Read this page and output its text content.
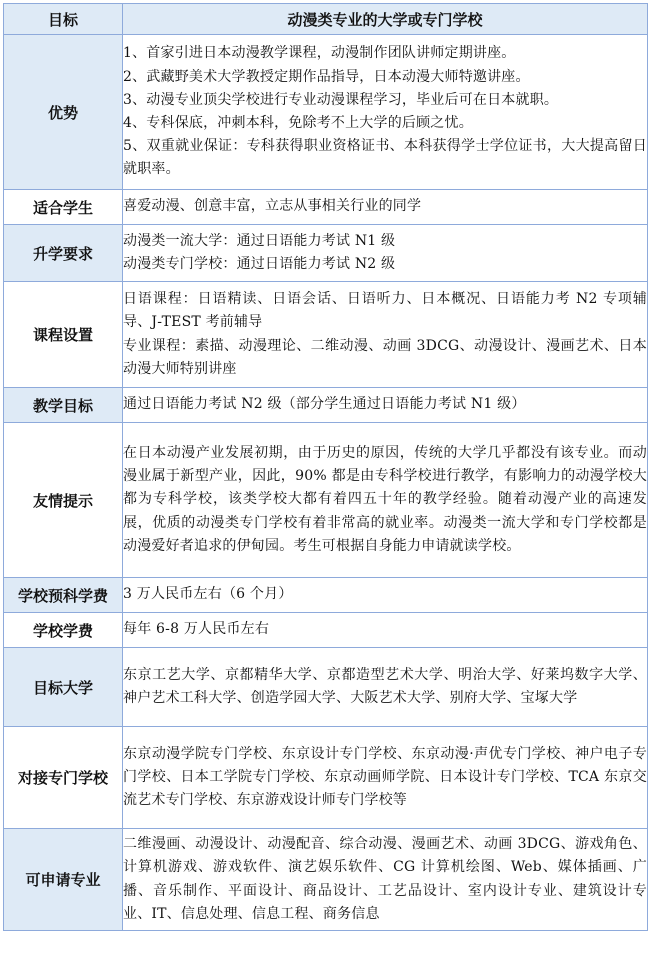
目标	动漫类专业的大学或专门学校
优势	1、首家引进日本动漫教学课程，动漫制作团队讲师定期讲座。
2、武藏野美术大学教授定期作品指导，日本动漫大师特邀讲座。
3、动漫专业顶尖学校进行专业动漫课程学习，毕业后可在日本就职。
4、专科保底，冲刺本科，免除考不上大学的后顾之忧。
5、双重就业保证：专科获得职业资格证书、本科获得学士学位证书，大大提高留日就职率。

适合学生	喜爱动漫、创意丰富，立志从事相关行业的同学

升学要求	动漫类一流大学：通过日语能力考试 N1 级
动漫类专门学校：通过日语能力考试 N2 级

课程设置	日语课程：日语精读、日语会话、日语听力、日本概况、日语能力考 N2 专项辅导、J-TEST 考前辅导
专业课程：素描、动漫理论、二维动漫、动画 3DCG、动漫设计、漫画艺术、日本动漫大师特别讲座

教学目标	通过日语能力考试 N2 级（部分学生通过日语能力考试 N1 级）

友情提示	在日本动漫产业发展初期，由于历史的原因，传统的大学几乎都没有该专业。而动漫业属于新型产业，因此，90% 都是由专科学校进行教学，有影响力的动漫学校大都为专科学校，该类学校大都有着四五十年的教学经验。随着动漫产业的高速发展，优质的动漫类专门学校有着非常高的就业率。动漫类一流大学和专门学校都是动漫爱好者追求的伊甸园。考生可根据自身能力申请就读学校。

学校预科学费	3 万人民币左右（6 个月）

学校学费	每年 6-8 万人民币左右

目标大学	东京工艺大学、京都精华大学、京都造型艺术大学、明治大学、好莱坞数字大学、神户艺术工科大学、创造学园大学、大阪艺术大学、别府大学、宝塚大学

对接专门学校	东京动漫学院专门学校、东京设计专门学校、东京动漫·声优专门学校、神户电子专门学校、日本工学院专门学校、东京动画师学院、日本设计专门学校、TCA 东京交流艺术专门学校、东京游戏设计师专门学校等

可申请专业	二维漫画、动漫设计、动漫配音、综合动漫、漫画艺术、动画 3DCG、游戏角色、计算机游戏、游戏软件、演艺娱乐软件、CG 计算机绘图、Web、媒体插画、广播、音乐制作、平面设计、商品设计、工艺品设计、室内设计专业、建筑设计专业、IT、信息处理、信息工程、商务信息
